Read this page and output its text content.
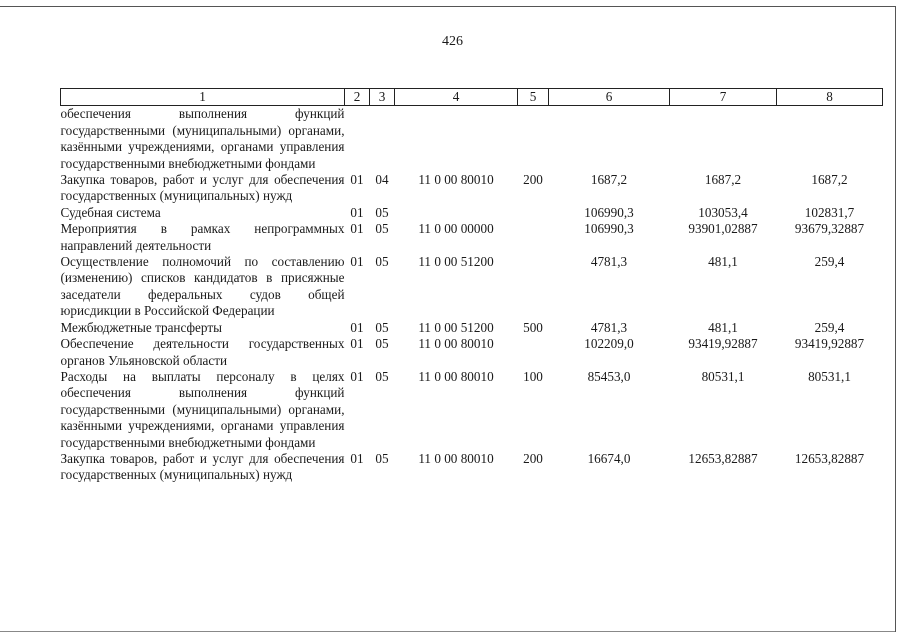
426
1	2	3	4	5	6	7	8
обеспечения выполнения функций государственными (муниципальными) органами, казёнными учреждениями, органами управления государственными внебюджетными фондами							
Закупка товаров, работ и услуг для обеспечения государственных (муниципальных) нужд	01	04	11 0 00 80010	200	1687,2	1687,2	1687,2
Судебная система	01	05			106990,3	103053,4	102831,7
Мероприятия в рамках непрограммных направлений деятельности	01	05	11 0 00 00000		106990,3	93901,02887	93679,32887
Осуществление полномочий по составлению (изменению) списков кандидатов в присяжные заседатели федеральных судов общей юрисдикции в Российской Федерации	01	05	11 0 00 51200		4781,3	481,1	259,4
Межбюджетные трансферты	01	05	11 0 00 51200	500	4781,3	481,1	259,4
Обеспечение деятельности государственных органов Ульяновской области	01	05	11 0 00 80010		102209,0	93419,92887	93419,92887
Расходы на выплаты персоналу в целях обеспечения выполнения функций государственными (муниципальными) органами, казёнными учреждениями, органами управления государственными внебюджетными фондами	01	05	11 0 00 80010	100	85453,0	80531,1	80531,1
Закупка товаров, работ и услуг для обеспечения государственных (муниципальных) нужд	01	05	11 0 00 80010	200	16674,0	12653,82887	12653,82887
